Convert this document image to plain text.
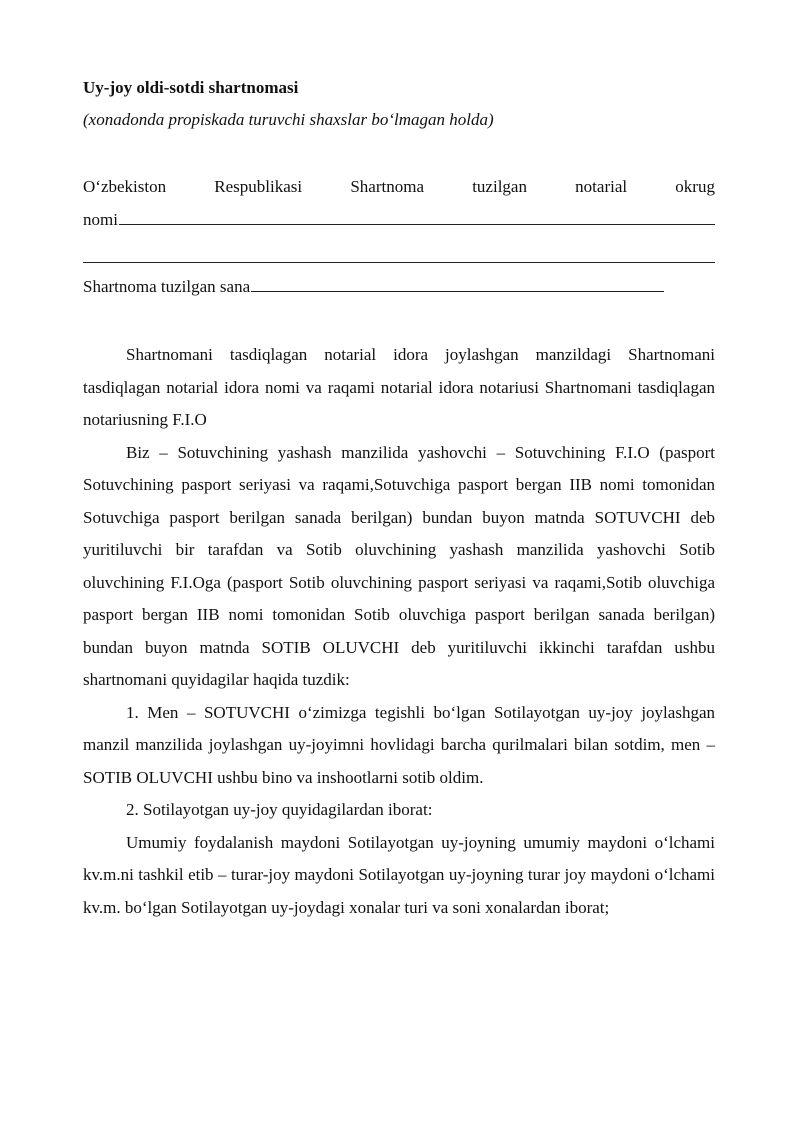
Uy-joy oldi-sotdi shartnomasi
(xonadonda propiskada turuvchi shaxslar boʻlmagan holda)
Oʻzbekiston	Respublikasi	Shartnoma	tuzilgan	notarial	okrug
nomi
Shartnoma tuzilgan sana

Shartnomani tasdiqlagan notarial idora joylashgan manzildagi Shartnomani tasdiqlagan notarial idora nomi va raqami notarial idora notariusi Shartnomani tasdiqlagan notariusning F.I.O

Biz – Sotuvchining yashash manzilida yashovchi – Sotuvchining F.I.O (pasport Sotuvchining pasport seriyasi va raqami,Sotuvchiga pasport bergan IIB nomi tomonidan Sotuvchiga pasport berilgan sanada berilgan) bundan buyon matnda SOTUVCHI deb yuritiluvchi bir tarafdan va Sotib oluvchining yashash manzilida yashovchi Sotib oluvchining F.I.Oga (pasport Sotib oluvchining pasport seriyasi va raqami,Sotib oluvchiga pasport bergan IIB nomi tomonidan Sotib oluvchiga pasport berilgan sanada berilgan) bundan buyon matnda SOTIB OLUVCHI deb yuritiluvchi ikkinchi tarafdan ushbu shartnomani quyidagilar haqida tuzdik:

1. Men – SOTUVCHI oʻzimizga tegishli boʻlgan Sotilayotgan uy-joy joylashgan manzil manzilida joylashgan uy-joyimni hovlidagi barcha qurilmalari bilan sotdim, men – SOTIB OLUVCHI ushbu bino va inshootlarni sotib oldim.

2. Sotilayotgan uy-joy quyidagilardan iborat:

Umumiy foydalanish maydoni Sotilayotgan uy-joyning umumiy maydoni oʻlchami kv.m.ni tashkil etib – turar-joy maydoni Sotilayotgan uy-joyning turar joy maydoni oʻlchami kv.m. boʻlgan Sotilayotgan uy-joydagi xonalar turi va soni xonalardan iborat;
